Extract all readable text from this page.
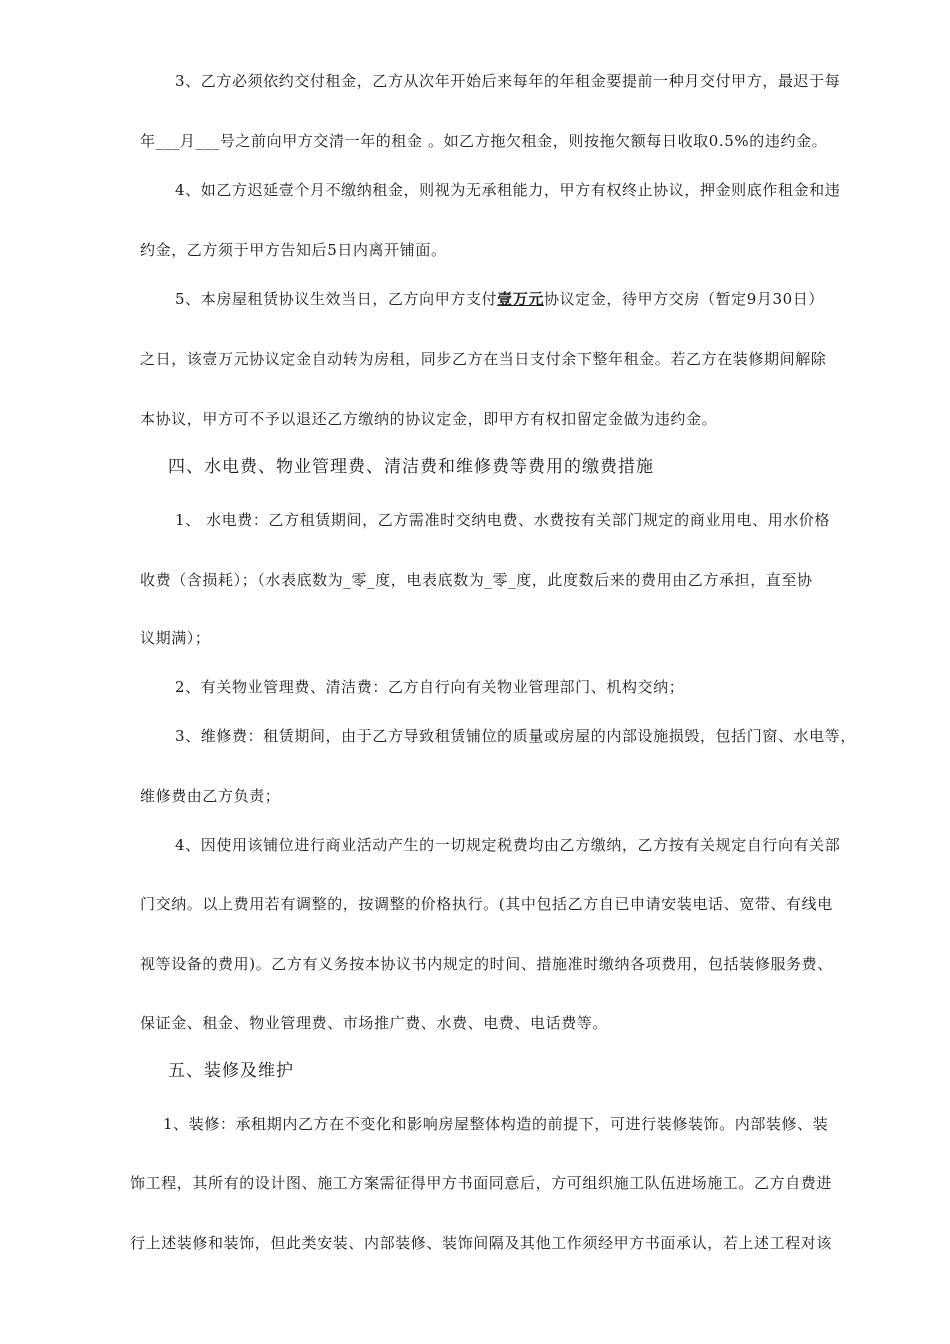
3、乙方必须依约交付租金，乙方从次年开始后来每年的年租金要提前一种月交付甲方，最迟于每
年___月___号之前向甲方交清一年的租金 。如乙方拖欠租金，则按拖欠额每日收取0.5%的违约金。
4、如乙方迟延壹个月不缴纳租金，则视为无承租能力，甲方有权终止协议，押金则底作租金和违
约金，乙方须于甲方告知后5日内离开铺面。
5、本房屋租赁协议生效当日，乙方向甲方支付壹万元协议定金，待甲方交房（暂定9月30日）
之日，该壹万元协议定金自动转为房租，同步乙方在当日支付余下整年租金。若乙方在装修期间解除
本协议，甲方可不予以退还乙方缴纳的协议定金，即甲方有权扣留定金做为违约金。
四、水电费、物业管理费、清洁费和维修费等费用的缴费措施
1、 水电费：乙方租赁期间，乙方需准时交纳电费、水费按有关部门规定的商业用电、用水价格
收费（含损耗）；（水表底数为_零_度，电表底数为_零_度，此度数后来的费用由乙方承担，直至协
议期满）；
2、有关物业管理费、清洁费：乙方自行向有关物业管理部门、机构交纳；
3、维修费：租赁期间，由于乙方导致租赁铺位的质量或房屋的内部设施损毁，包括门窗、水电等，
维修费由乙方负责；
4、因使用该铺位进行商业活动产生的一切规定税费均由乙方缴纳，乙方按有关规定自行向有关部
门交纳。以上费用若有调整的，按调整的价格执行。(其中包括乙方自已申请安装电话、宽带、有线电
视等设备的费用)。乙方有义务按本协议书内规定的时间、措施准时缴纳各项费用，包括装修服务费、
保证金、租金、物业管理费、市场推广费、水费、电费、电话费等。
五、装修及维护
1、装修：承租期内乙方在不变化和影响房屋整体构造的前提下，可进行装修装饰。内部装修、装
饰工程，其所有的设计图、施工方案需征得甲方书面同意后，方可组织施工队伍进场施工。乙方自费进
行上述装修和装饰，但此类安装、内部装修、装饰间隔及其他工作须经甲方书面承认，若上述工程对该
